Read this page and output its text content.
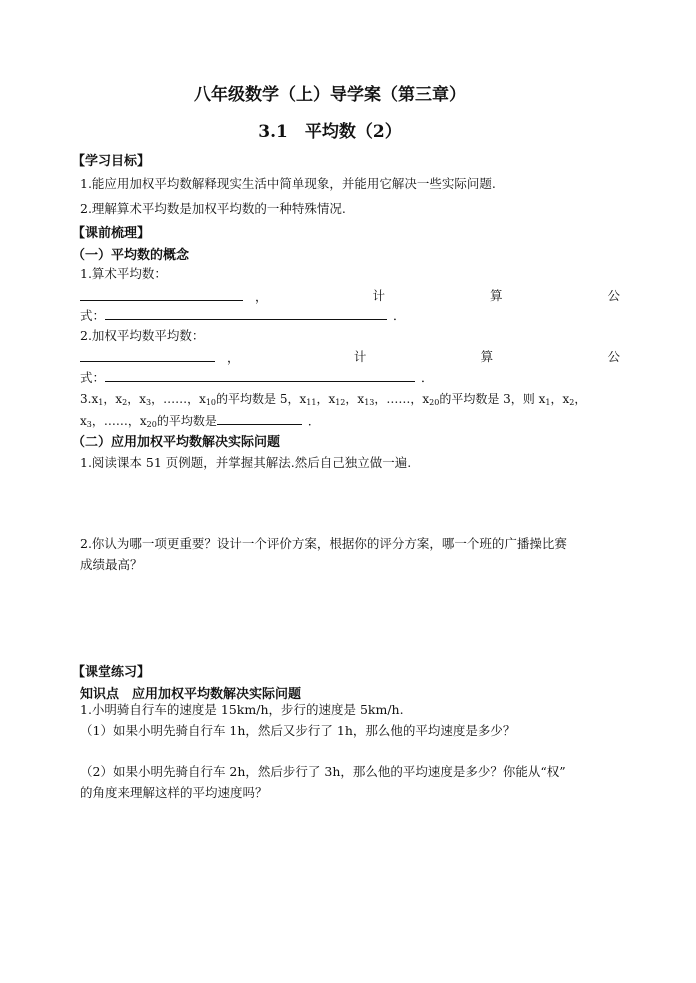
八年级数学（上）导学案（第三章）
3.1　平均数（2）
【学习目标】
1.能应用加权平均数解释现实生活中简单现象，并能用它解决一些实际问题.
2.理解算术平均数是加权平均数的一种特殊情况.
【课前梳理】
（一）平均数的概念
1.算术平均数：
，	计	算	公
式：	．
2.加权平均数平均数：
，	计	算	公
式：	．
$3.x_1$，$x_2$，$x_3$，……，$x_{10}$的平均数是 5，$x_{11}$，$x_{12}$，$x_{13}$，……，$x_{20}$的平均数是 3，则 $x_1$，$x_2$，
$x_3$，……，$x_{20}$的平均数是	．
（二）应用加权平均数解决实际问题
1.阅读课本 51 页例题，并掌握其解法.然后自己独立做一遍.
2.你认为哪一项更重要？设计一个评价方案，根据你的评分方案，哪一个班的广播操比赛
成绩最高？
【课堂练习】
知识点　应用加权平均数解决实际问题
1.小明骑自行车的速度是 15km/h，步行的速度是 5km/h.
（1）如果小明先骑自行车 1h，然后又步行了 1h，那么他的平均速度是多少？
（2）如果小明先骑自行车 2h，然后步行了 3h，那么他的平均速度是多少？你能从“权”
的角度来理解这样的平均速度吗？
